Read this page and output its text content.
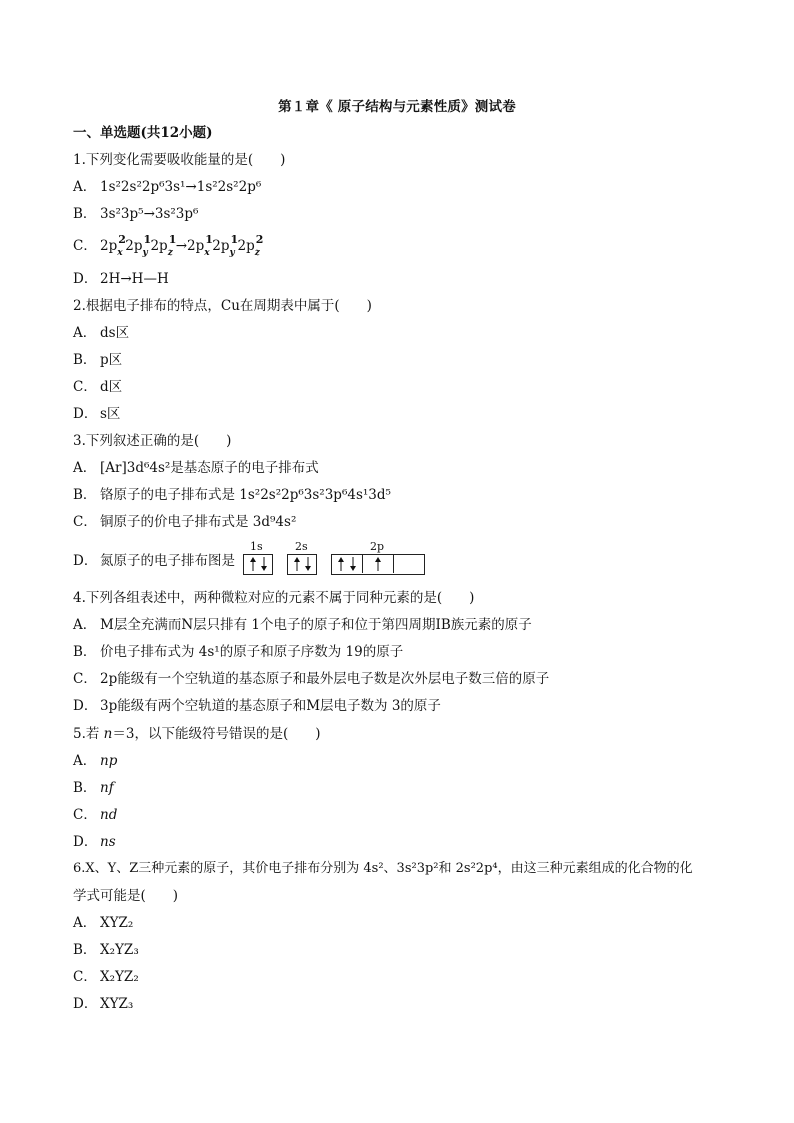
第１章《 原子结构与元素性质》测试卷
一、单选题(共12小题)
1.下列变化需要吸收能量的是(　　)
A． 1s²2s²2p⁶3s¹→1s²2s²2p⁶
B． 3s²3p⁵→3s²3p⁶
C． 2p 2
x 2p 1
y 2p 1
z →2p 1
x 2p 1
y 2p 2
z
D． 2H→H—H
2.根据电子排布的特点，Cu在周期表中属于(　　)
A． ds区
B． p区
C． d区
D． s区
3.下列叙述正确的是(　　)
A． [Ar]3d⁶4s²是基态原子的电子排布式
B． 铬原子的电子排布式是 1s²2s²2p⁶3s²3p⁶4s¹3d⁵
C． 铜原子的价电子排布式是 3d⁹4s²
D． 氮原子的电子排布图是
1s	2s	2p
4.下列各组表述中，两种微粒对应的元素不属于同种元素的是(　　)
A． M层全充满而N层只排有 1个电子的原子和位于第四周期ⅠB族元素的原子
B． 价电子排布式为 4s¹的原子和原子序数为 19的原子
C． 2p能级有一个空轨道的基态原子和最外层电子数是次外层电子数三倍的原子
D． 3p能级有两个空轨道的基态原子和M层电子数为 3的原子
5.若 n＝3，以下能级符号错误的是(　　)
A． np
B． nf
C． nd
D． ns
6.X、Y、Z三种元素的原子，其价电子排布分别为 4s²、3s²3p²和 2s²2p⁴，由这三种元素组成的化合物的化
学式可能是(　　)
A． XYZ₂
B． X₂YZ₃
C． X₂YZ₂
D． XYZ₃
